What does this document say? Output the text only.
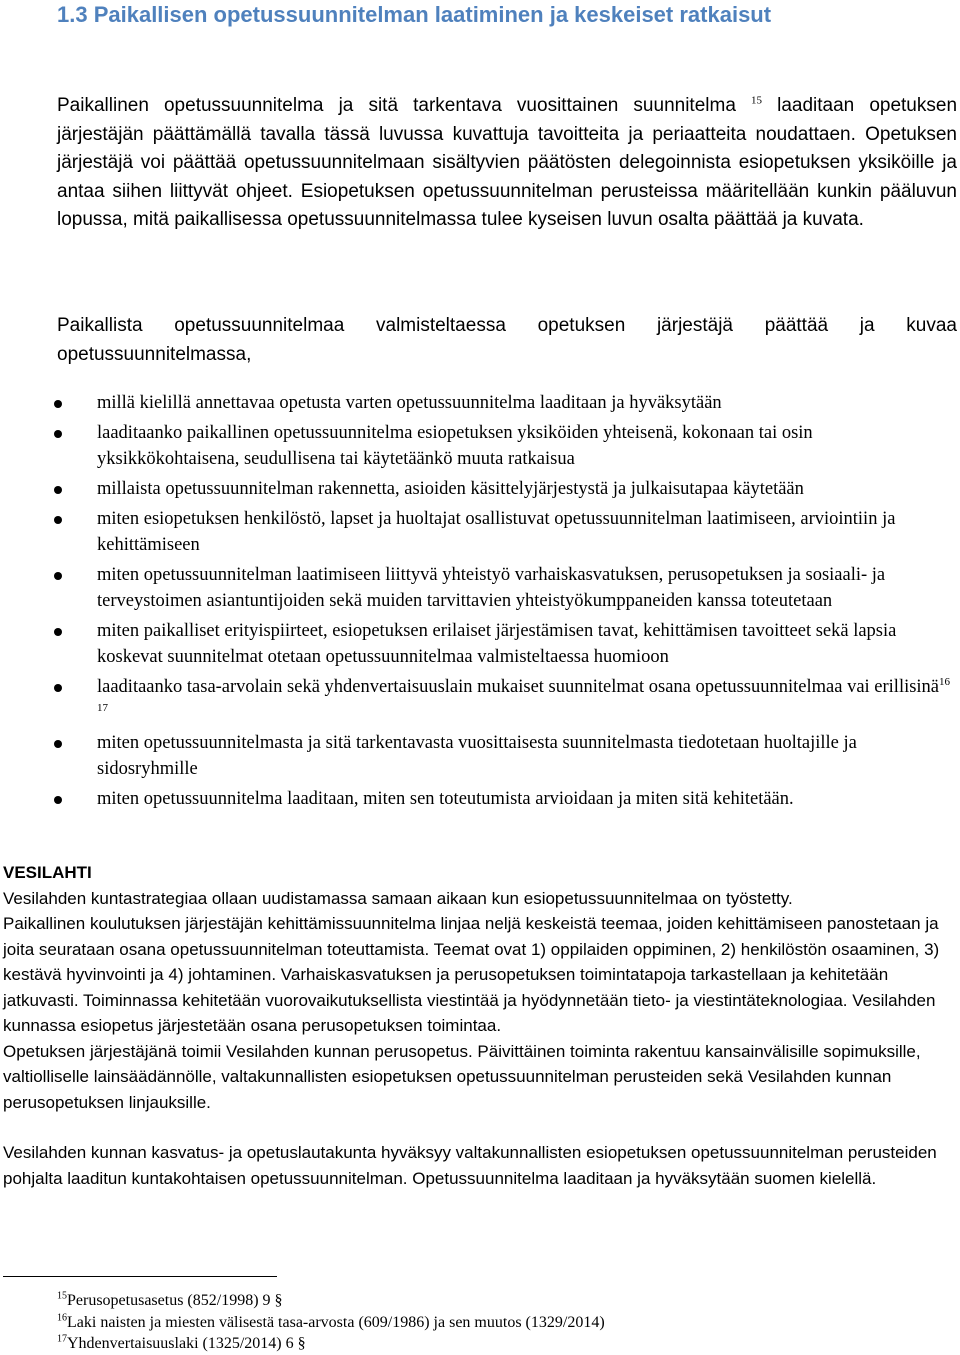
1.3 Paikallisen opetussuunnitelman laatiminen ja keskeiset ratkaisut
Paikallinen opetussuunnitelma ja sitä tarkentava vuosittainen suunnitelma $^{15}$ laaditaan opetuksen järjestäjän päättämällä tavalla tässä luvussa kuvattuja tavoitteita ja periaatteita noudattaen. Opetuksen järjestäjä voi päättää opetussuunnitelmaan sisältyvien päätösten delegoinnista esiopetuksen yksiköille ja antaa siihen liittyvät ohjeet. Esiopetuksen opetussuunnitelman perusteissa määritellään kunkin pääluvun lopussa, mitä paikallisessa opetussuunnitelmassa tulee kyseisen luvun osalta päättää ja kuvata.
Paikallista opetussuunnitelmaa valmisteltaessa opetuksen järjestäjä päättää ja kuvaa opetussuunnitelmassa,
millä kielillä annettavaa opetusta varten opetussuunnitelma laaditaan ja hyväksytään
laaditaanko paikallinen opetussuunnitelma esiopetuksen yksiköiden yhteisenä, kokonaan tai osin yksikkökohtaisena, seudullisena tai käytetäänkö muuta ratkaisua
millaista opetussuunnitelman rakennetta, asioiden käsittelyjärjestystä ja julkaisutapaa käytetään
miten esiopetuksen henkilöstö, lapset ja huoltajat osallistuvat opetussuunnitelman laatimiseen, arviointiin ja kehittämiseen
miten opetussuunnitelman laatimiseen liittyvä yhteistyö varhaiskasvatuksen, perusopetuksen ja sosiaali- ja terveystoimen asiantuntijoiden sekä muiden tarvittavien yhteistyökumppaneiden kanssa toteutetaan
miten paikalliset erityispiirteet, esiopetuksen erilaiset järjestämisen tavat, kehittämisen tavoitteet sekä lapsia koskevat suunnitelmat otetaan opetussuunnitelmaa valmisteltaessa huomioon
laaditaanko tasa-arvolain sekä yhdenvertaisuuslain mukaiset suunnitelmat osana opetussuunnitelmaa vai erillisinä$^{16 17}$
miten opetussuunnitelmasta ja sitä tarkentavasta vuosittaisesta suunnitelmasta tiedotetaan huoltajille ja sidosryhmille
miten opetussuunnitelma laaditaan, miten sen toteutumista arvioidaan ja miten sitä kehitetään.
VESILAHTI

Vesilahden kuntastrategiaa ollaan uudistamassa samaan aikaan kun esiopetussuunnitelmaa on työstetty.

Paikallinen koulutuksen järjestäjän kehittämissuunnitelma linjaa neljä keskeistä teemaa, joiden kehittämiseen panostetaan ja joita seurataan osana opetussuunnitelman toteuttamista. Teemat ovat 1) oppilaiden oppiminen, 2) henkilöstön osaaminen, 3) kestävä hyvinvointi ja 4) johtaminen. Varhaiskasvatuksen ja perusopetuksen toimintatapoja tarkastellaan ja kehitetään jatkuvasti. Toiminnassa kehitetään vuorovaikutuksellista viestintää ja hyödynnetään tieto- ja viestintäteknologiaa. Vesilahden kunnassa esiopetus järjestetään osana perusopetuksen toimintaa.

Opetuksen järjestäjänä toimii Vesilahden kunnan perusopetus. Päivittäinen toiminta rakentuu kansainvälisille sopimuksille, valtiolliselle lainsäädännölle, valtakunnallisten esiopetuksen opetussuunnitelman perusteiden sekä Vesilahden kunnan perusopetuksen linjauksille.

Vesilahden kunnan kasvatus- ja opetuslautakunta hyväksyy valtakunnallisten esiopetuksen opetussuunnitelman perusteiden pohjalta laaditun kuntakohtaisen opetussuunnitelman. Opetussuunnitelma laaditaan ja hyväksytään suomen kielellä.

$^{15}$Perusopetusasetus (852/1998) 9 §
$^{16}$Laki naisten ja miesten välisestä tasa-arvosta (609/1986) ja sen muutos (1329/2014)
$^{17}$Yhdenvertaisuuslaki (1325/2014) 6 §
